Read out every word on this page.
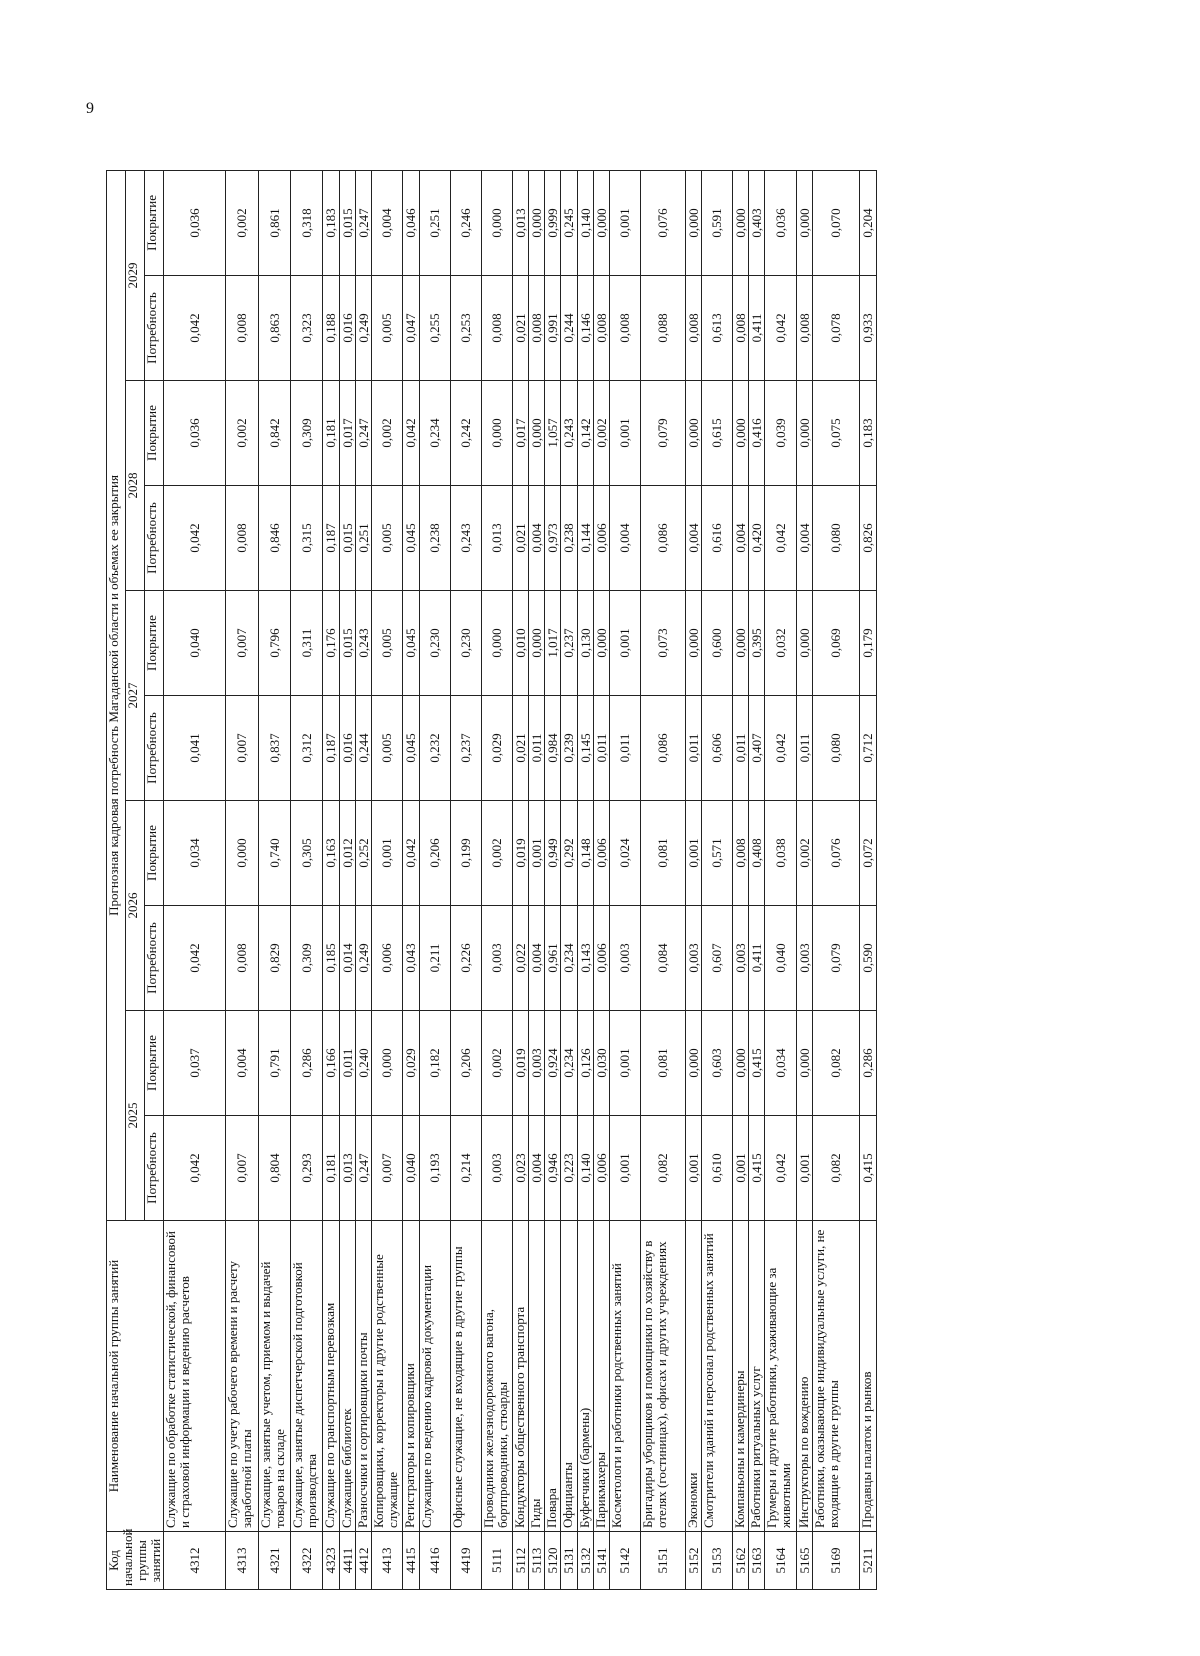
9
Код начальной группы занятий	Наименование начальной группы занятий	Прогнозная кадровая потребность Магаданской области и объемах ее закрытия									
		2025		2026		2027		2028		2029	
		Потребность	Покрытие	Потребность	Покрытие	Потребность	Покрытие	Потребность	Покрытие	Потребность	Покрытие
4312	Служащие по обработке статистической, финансовой и страховой информации и ведению расчетов	0,042	0,037	0,042	0,034	0,041	0,040	0,042	0,036	0,042	0,036
4313	Служащие по учету рабочего времени и расчету заработной платы	0,007	0,004	0,008	0,000	0,007	0,007	0,008	0,002	0,008	0,002
4321	Служащие, занятые учетом, приемом и выдачей товаров на складе	0,804	0,791	0,829	0,740	0,837	0,796	0,846	0,842	0,863	0,861
4322	Служащие, занятые диспетчерской подготовкой производства	0,293	0,286	0,309	0,305	0,312	0,311	0,315	0,309	0,323	0,318
4323	Служащие по транспортным перевозкам	0,181	0,166	0,185	0,163	0,187	0,176	0,187	0,181	0,188	0,183
4411	Служащие библиотек	0,013	0,011	0,014	0,012	0,016	0,015	0,015	0,017	0,016	0,015
4412	Разносчики и сортировщики почты	0,247	0,240	0,249	0,252	0,244	0,243	0,251	0,247	0,249	0,247
4413	Копировщики, корректоры и другие родственные служащие	0,007	0,000	0,006	0,001	0,005	0,005	0,005	0,002	0,005	0,004
4415	Регистраторы и копировщики	0,040	0,029	0,043	0,042	0,045	0,045	0,045	0,042	0,047	0,046
4416	Служащие по ведению кадровой документации	0,193	0,182	0,211	0,206	0,232	0,230	0,238	0,234	0,255	0,251
4419	Офисные служащие, не входящие в другие группы	0,214	0,206	0,226	0,199	0,237	0,230	0,243	0,242	0,253	0,246
5111	Проводники железнодорожного вагона, бортпроводники, стюарды	0,003	0,002	0,003	0,002	0,029	0,000	0,013	0,000	0,008	0,000
5112	Кондукторы общественного транспорта	0,023	0,019	0,022	0,019	0,021	0,010	0,021	0,017	0,021	0,013
5113	Гиды	0,004	0,003	0,004	0,001	0,011	0,000	0,004	0,000	0,008	0,000
5120	Повара	0,946	0,924	0,961	0,949	0,984	1,017	0,973	1,057	0,991	0,999
5131	Официанты	0,223	0,234	0,234	0,292	0,239	0,237	0,238	0,243	0,244	0,245
5132	Буфетчики (бармены)	0,140	0,126	0,143	0,148	0,145	0,130	0,144	0,142	0,146	0,140
5141	Парикмахеры	0,006	0,030	0,006	0,006	0,011	0,000	0,006	0,002	0,008	0,000
5142	Косметологи и работники родственных занятий	0,001	0,001	0,003	0,024	0,011	0,001	0,004	0,001	0,008	0,001
5151	Бригадиры уборщиков и помощники по хозяйству в отелях (гостиницах), офисах и других учреждениях	0,082	0,081	0,084	0,081	0,086	0,073	0,086	0,079	0,088	0,076
5152	Экономки	0,001	0,000	0,003	0,001	0,011	0,000	0,004	0,000	0,008	0,000
5153	Смотрители зданий и персонал родственных занятий	0,610	0,603	0,607	0,571	0,606	0,600	0,616	0,615	0,613	0,591
5162	Компаньоны и камердинеры	0,001	0,000	0,003	0,008	0,011	0,000	0,004	0,000	0,008	0,000
5163	Работники ритуальных услуг	0,415	0,415	0,411	0,408	0,407	0,395	0,420	0,416	0,411	0,403
5164	Грумеры и другие работники, ухаживающие за животными	0,042	0,034	0,040	0,038	0,042	0,032	0,042	0,039	0,042	0,036
5165	Инструкторы по вождению	0,001	0,000	0,003	0,002	0,011	0,000	0,004	0,000	0,008	0,000
5169	Работники, оказывающие индивидуальные услуги, не входящие в другие группы	0,082	0,082	0,079	0,076	0,080	0,069	0,080	0,075	0,078	0,070
5211	Продавцы палаток и рынков	0,415	0,286	0,590	0,072	0,712	0,179	0,826	0,183	0,933	0,204
